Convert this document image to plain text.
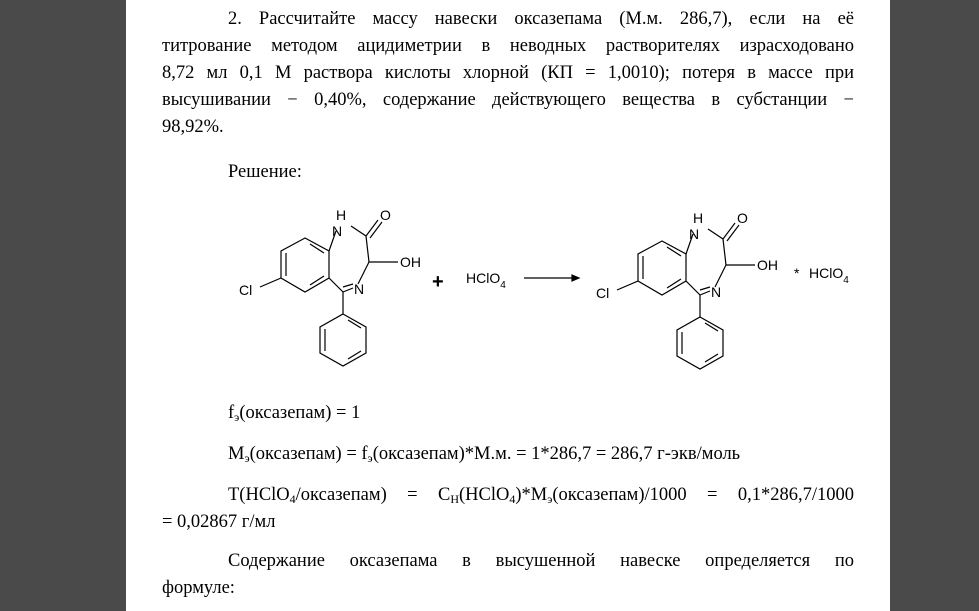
2. Рассчитайте массу навески оксазепама (М.м. 286,7), если на её
титрование методом ацидиметрии в неводных растворителях израсходовано
8,72 мл 0,1 М раствора кислоты хлорной (КП = 1,0010); потеря в массе при
высушивании − 0,40%, содержание действующего вещества в субстанции −
98,92%.
Решение:
H
N
O
OH
Cl	N	+ HClO$_4$
H
N
O
OH
Cl	N
* HClO$_4$
$f_э(оксазепам) = 1$
$M_э(оксазепам)$ = $f_э(оксазепам)*М.м$. = 1*286,7 = 286,7 г-экв/моль
T(HClO$_4$/оксазепам) = $C_H(HClO_4)*M_э(оксазепам)/1000 = 0,1*286,7/1000$
= 0,02867 г/мл
Содержание оксазепама в высушенной навеске определяется по
формуле:
